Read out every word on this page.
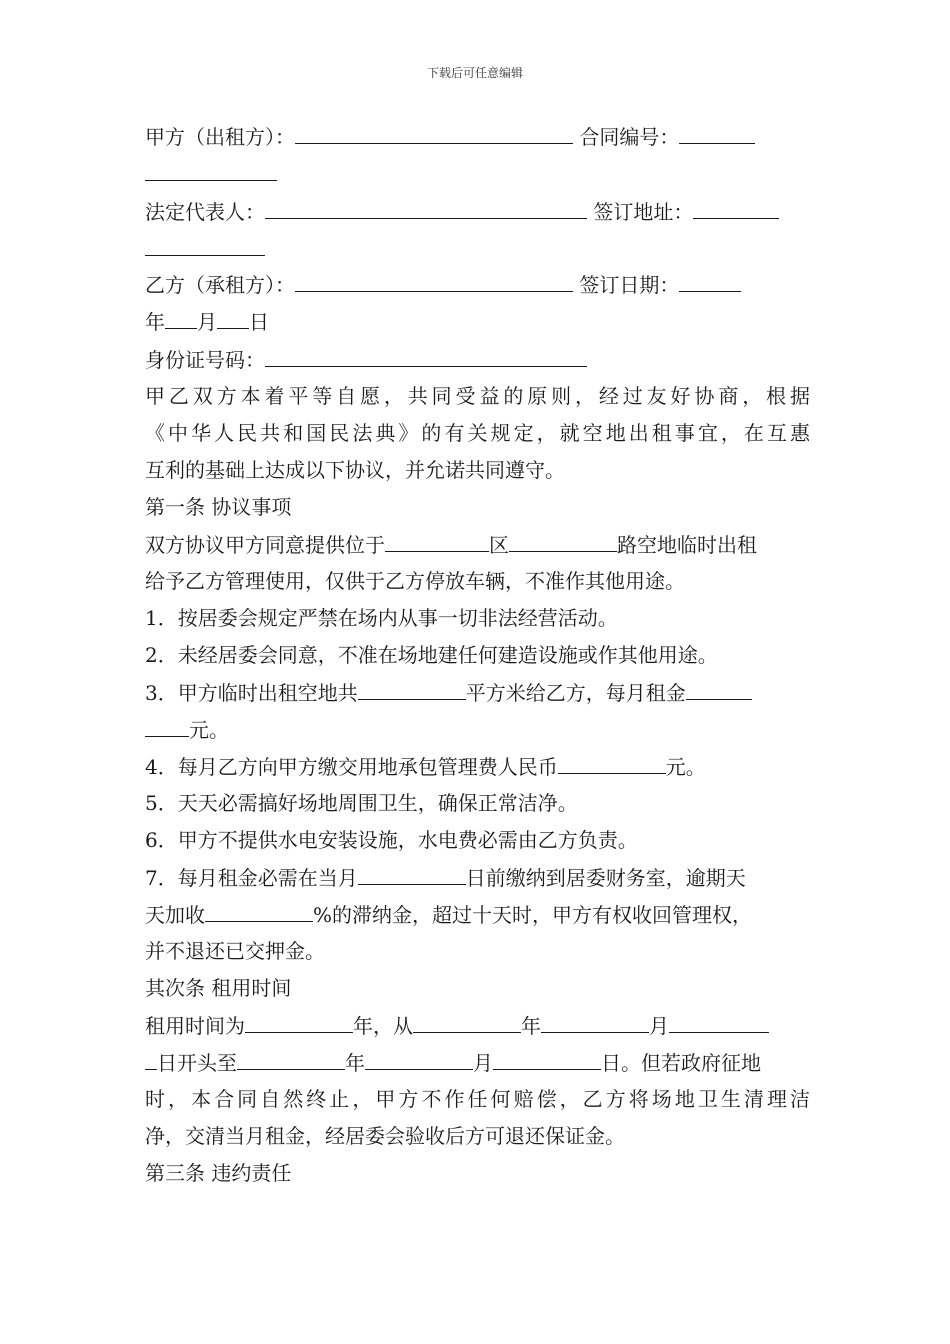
下载后可任意编辑
甲方（出租方）：	合同编号：
法定代表人：	签订地址：
乙方（承租方）：	签订日期：
年 月 日
身份证号码：
甲乙双方本着平等自愿，共同受益的原则，经过友好协商，根据
《中华人民共和国民法典》的有关规定，就空地出租事宜，在互惠
互利的基础上达成以下协议，并允诺共同遵守。
第一条 协议事项
双方协议甲方同意提供位于	区	路空地临时出租
给予乙方管理使用，仅供于乙方停放车辆，不准作其他用途。
1．按居委会规定严禁在场内从事一切非法经营活动。
2．未经居委会同意，不准在场地建任何建造设施或作其他用途。
3．甲方临时出租空地共	平方米给乙方，每月租金
元。
4．每月乙方向甲方缴交用地承包管理费人民币	元。
5．天天必需搞好场地周围卫生，确保正常洁净。
6．甲方不提供水电安装设施，水电费必需由乙方负责。
7．每月租金必需在当月	日前缴纳到居委财务室，逾期天
天加收	%的滞纳金，超过十天时，甲方有权收回管理权，
并不退还已交押金。
其次条 租用时间
租用时间为	年，从	年	月
日开头至	年	月	日。但若政府征地
时，本合同自然终止，甲方不作任何赔偿，乙方将场地卫生清理洁
净，交清当月租金，经居委会验收后方可退还保证金。
第三条 违约责任
